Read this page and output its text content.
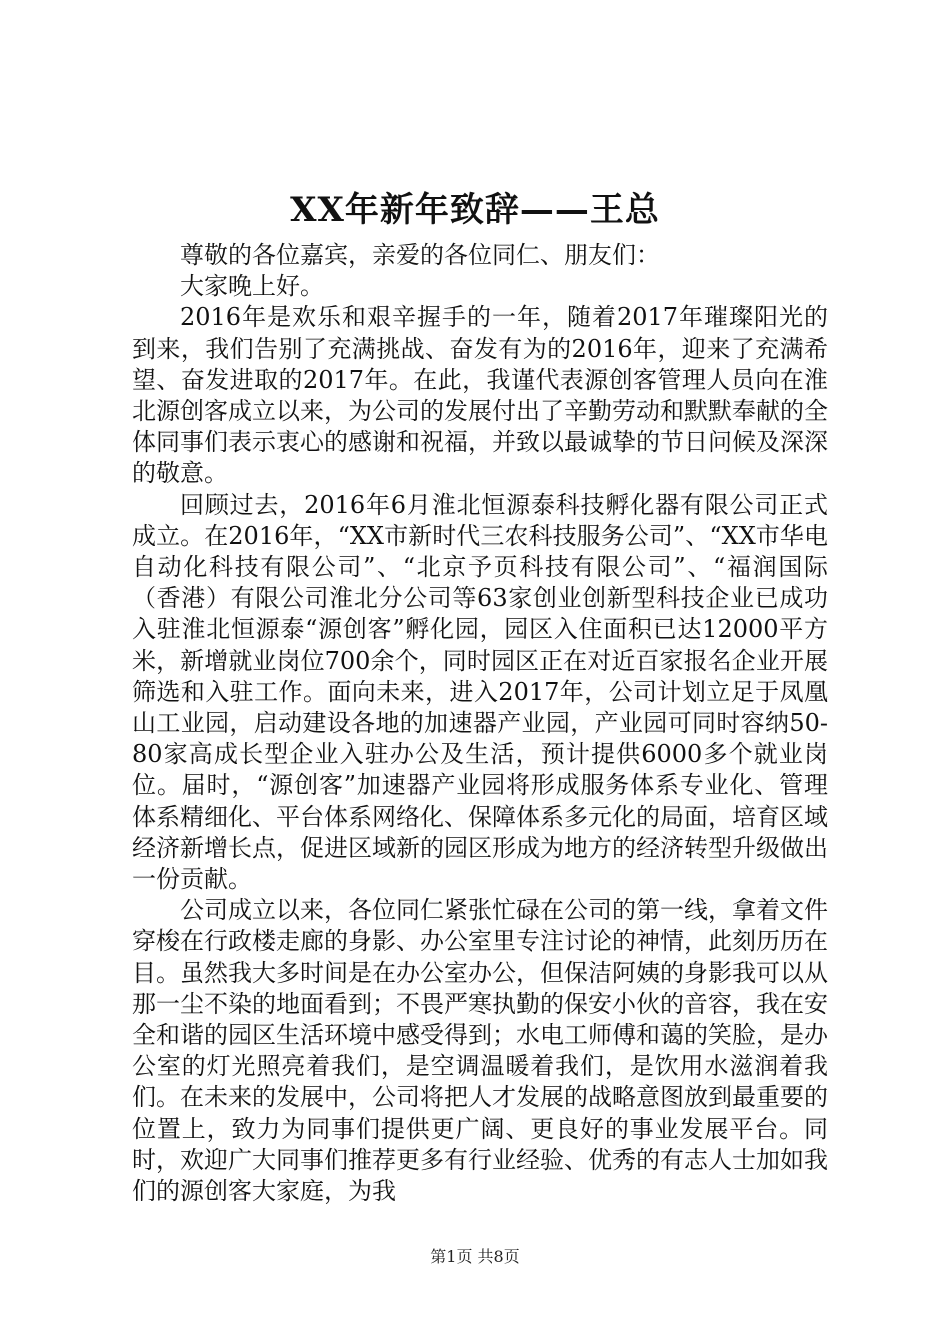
XX年新年致辞——王总

尊敬的各位嘉宾，亲爱的各位同仁、朋友们：

大家晚上好。

2016年是欢乐和艰辛握手的一年，随着2017年璀璨阳光的到来，我们告别了充满挑战、奋发有为的2016年，迎来了充满希望、奋发进取的2017年。在此，我谨代表源创客管理人员向在淮北源创客成立以来，为公司的发展付出了辛勤劳动和默默奉献的全体同事们表示衷心的感谢和祝福，并致以最诚挚的节日问候及深深的敬意。

回顾过去，2016年6月淮北恒源泰科技孵化器有限公司正式成立。在2016年，“XX市新时代三农科技服务公司”、“XX市华电自动化科技有限公司”、“北京予页科技有限公司”、“福润国际（香港）有限公司淮北分公司等63家创业创新型科技企业已成功入驻淮北恒源泰“源创客”孵化园，园区入住面积已达12000平方米，新增就业岗位700余个，同时园区正在对近百家报名企业开展筛选和入驻工作。面向未来，进入2017年，公司计划立足于凤凰山工业园，启动建设各地的加速器产业园，产业园可同时容纳50-80家高成长型企业入驻办公及生活，预计提供6000多个就业岗位。届时，“源创客”加速器产业园将形成服务体系专业化、管理体系精细化、平台体系网络化、保障体系多元化的局面，培育区域经济新增长点，促进区域新的园区形成为地方的经济转型升级做出一份贡献。

公司成立以来，各位同仁紧张忙碌在公司的第一线，拿着文件穿梭在行政楼走廊的身影、办公室里专注讨论的神情，此刻历历在目。虽然我大多时间是在办公室办公，但保洁阿姨的身影我可以从那一尘不染的地面看到；不畏严寒执勤的保安小伙的音容，我在安全和谐的园区生活环境中感受得到；水电工师傅和蔼的笑脸，是办公室的灯光照亮着我们，是空调温暖着我们，是饮用水滋润着我们。在未来的发展中，公司将把人才发展的战略意图放到最重要的位置上，致力为同事们提供更广阔、更良好的事业发展平台。同时，欢迎广大同事们推荐更多有行业经验、优秀的有志人士加如我们的源创客大家庭，为我

第1页 共8页
